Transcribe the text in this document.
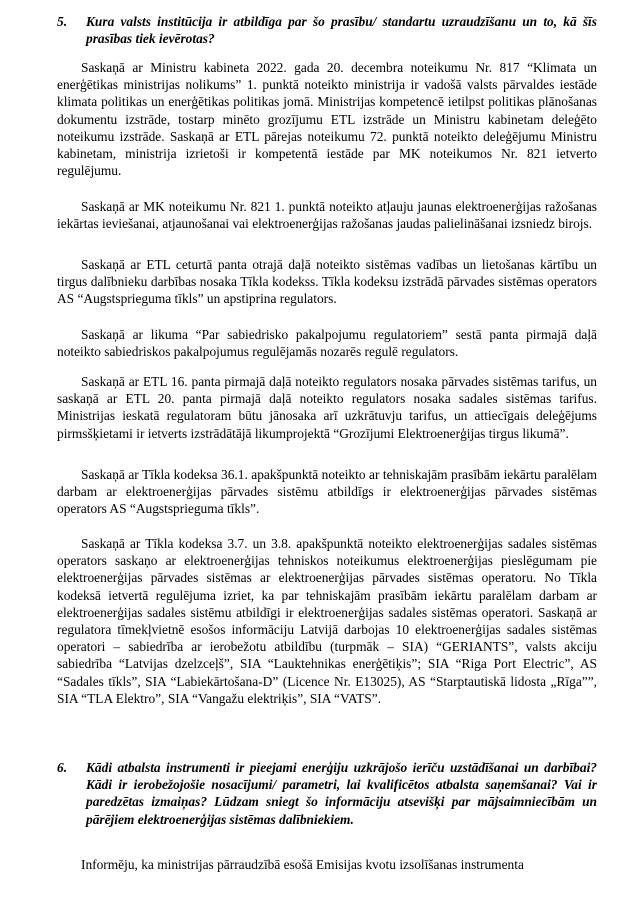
5. Kura valsts institūcija ir atbildīga par šo prasību/ standartu uzraudzīšanu un to, kā šīs prasības tiek ievērotas?
Saskaņā ar Ministru kabineta 2022. gada 20. decembra noteikumu Nr. 817 “Klimata un enerģētikas ministrijas nolikums” 1. punktā noteikto ministrija ir vadošā valsts pārvaldes iestāde klimata politikas un enerģētikas politikas jomā. Ministrijas kompetencē ietilpst politikas plānošanas dokumentu izstrāde, tostarp minēto grozījumu ETL izstrāde un Ministru kabinetam deleģēto noteikumu izstrāde. Saskaņā ar ETL pārejas noteikumu 72. punktā noteikto deleģējumu Ministru kabinetam, ministrija izrietoši ir kompetentā iestāde par MK noteikumos Nr. 821 ietverto regulējumu.
Saskaņā ar MK noteikumu Nr. 821 1. punktā noteikto atļauju jaunas elektroenerģijas ražošanas iekārtas ieviešanai, atjaunošanai vai elektroenerģijas ražošanas jaudas palielināšanai izsniedz birojs.
Saskaņā ar ETL ceturtā panta otrajā daļā noteikto sistēmas vadības un lietošanas kārtību un tirgus dalībnieku darbības nosaka Tīkla kodekss. Tīkla kodeksu izstrādā pārvades sistēmas operators AS “Augstsprieguma tīkls” un apstiprina regulators.
Saskaņā ar likuma “Par sabiedrisko pakalpojumu regulatoriem” sestā panta pirmajā daļā noteikto sabiedriskos pakalpojumus regulējamās nozarēs regulē regulators.
Saskaņā ar ETL 16. panta pirmajā daļā noteikto regulators nosaka pārvades sistēmas tarifus, un saskaņā ar ETL 20. panta pirmajā daļā noteikto regulators nosaka sadales sistēmas tarifus. Ministrijas ieskatā regulatoram būtu jānosaka arī uzkrātuvju tarifus, un attiecīgais deleģējums pirmsšķietami ir ietverts izstrādātājā likumprojektā “Grozījumi Elektroenerģijas tirgus likumā”.
Saskaņā ar Tīkla kodeksa 36.1. apakšpunktā noteikto ar tehniskajām prasībām iekārtu paralēlam darbam ar elektroenerģijas pārvades sistēmu atbildīgs ir elektroenerģijas pārvades sistēmas operators AS “Augstsprieguma tīkls”.
Saskaņā ar Tīkla kodeksa 3.7. un 3.8. apakšpunktā noteikto elektroenerģijas sadales sistēmas operators saskaņo ar elektroenerģijas tehniskos noteikumus elektroenerģijas pieslēgumam pie elektroenerģijas pārvades sistēmas ar elektroenerģijas pārvades sistēmas operatoru. No Tīkla kodeksā ietvertā regulējuma izriet, ka par tehniskajām prasībām iekārtu paralēlam darbam ar elektroenerģijas sadales sistēmu atbildīgi ir elektroenerģijas sadales sistēmas operatori. Saskaņā ar regulatora tīmekļvietnē esošos informāciju Latvijā darbojas 10 elektroenerģijas sadales sistēmas operatori – sabiedrība ar ierobežotu atbildību (turpmāk – SIA) “GERIANTS”, valsts akciju sabiedrība “Latvijas dzelzceļš”, SIA “Lauktehnikas enerģētiķis”; SIA “Riga Port Electric”, AS “Sadales tīkls”, SIA “Labiekārtošana-D” (Licence Nr. E13025), AS “Starptautiskā lidosta „Rīga””, SIA “TLA Elektro”, SIA “Vangažu elektriķis”, SIA “VATS”.
6. Kādi atbalsta instrumenti ir pieejami enerģiju uzkrājošo ierīču uzstādīšanai un darbībai? Kādi ir ierobežojošie nosacījumi/ parametri, lai kvalificētos atbalsta saņemšanai? Vai ir paredzētas izmaiņas? Lūdzam sniegt šo informāciju atsevišķi par mājsaimniecībām un pārējiem elektroenerģijas sistēmas dalībniekiem.
Informēju, ka ministrijas pārraudzībā esošā Emisijas kvotu izsolīšanas instrumenta
